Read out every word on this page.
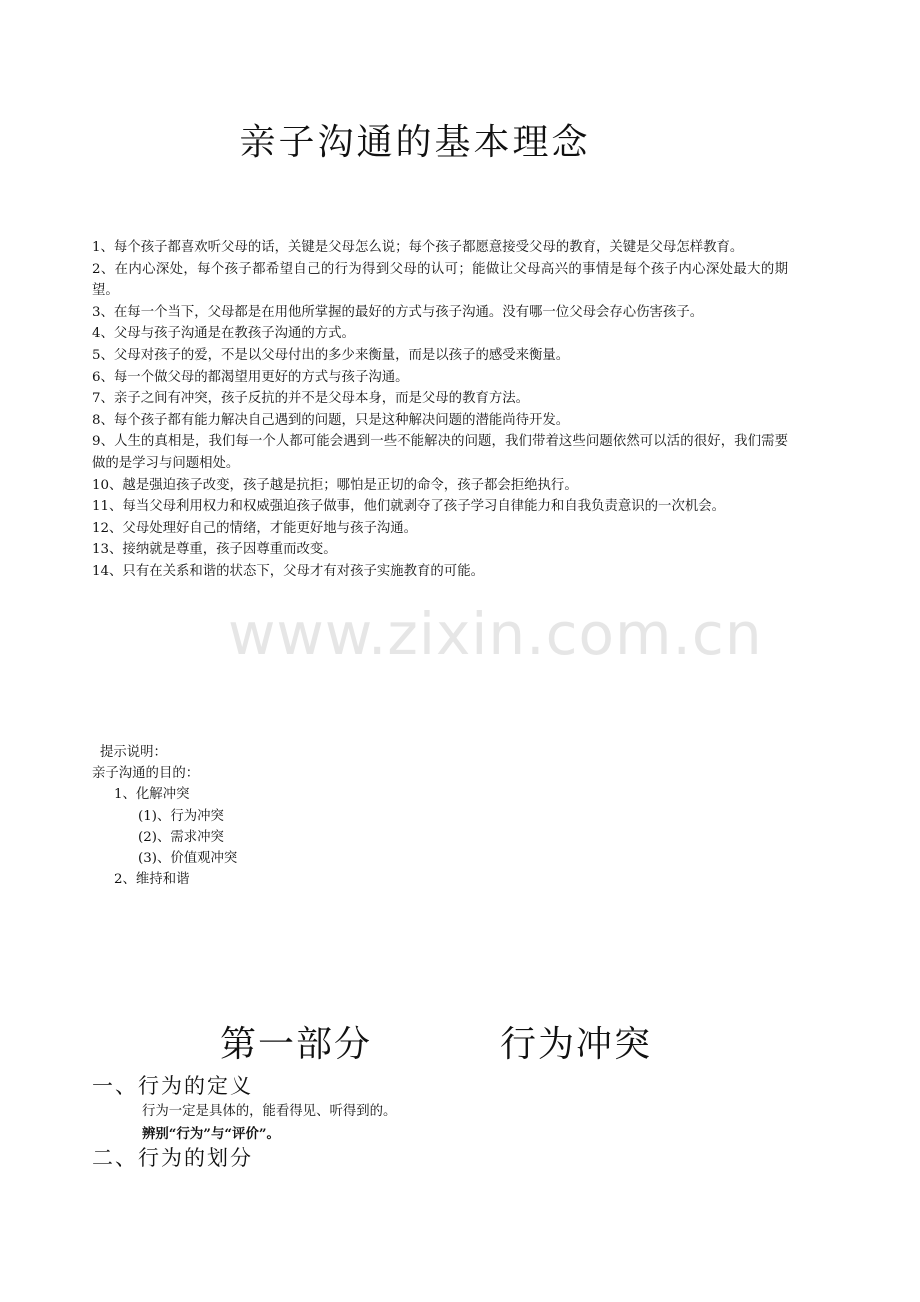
www.zixin.com.cn
亲子沟通的基本理念
1、每个孩子都喜欢听父母的话，关键是父母怎么说；每个孩子都愿意接受父母的教育，关键是父母怎样教育。
2、在内心深处，每个孩子都希望自己的行为得到父母的认可；能做让父母高兴的事情是每个孩子内心深处最大的期望。
3、在每一个当下，父母都是在用他所掌握的最好的方式与孩子沟通。没有哪一位父母会存心伤害孩子。
4、父母与孩子沟通是在教孩子沟通的方式。
5、父母对孩子的爱，不是以父母付出的多少来衡量，而是以孩子的感受来衡量。
6、每一个做父母的都渴望用更好的方式与孩子沟通。
7、亲子之间有冲突，孩子反抗的并不是父母本身，而是父母的教育方法。
8、每个孩子都有能力解决自己遇到的问题，只是这种解决问题的潜能尚待开发。
9、人生的真相是，我们每一个人都可能会遇到一些不能解决的问题，我们带着这些问题依然可以活的很好，我们需要做的是学习与问题相处。
10、越是强迫孩子改变，孩子越是抗拒；哪怕是正切的命令，孩子都会拒绝执行。
11、每当父母利用权力和权威强迫孩子做事，他们就剥夺了孩子学习自律能力和自我负责意识的一次机会。
12、父母处理好自己的情绪，才能更好地与孩子沟通。
13、接纳就是尊重，孩子因尊重而改变。
14、只有在关系和谐的状态下，父母才有对孩子实施教育的可能。
提示说明：
亲子沟通的目的：
1、化解冲突
(1)、行为冲突
(2)、需求冲突
(3)、价值观冲突
2、维持和谐
第一部分	行为冲突
一、行为的定义
行为一定是具体的，能看得见、听得到的。
辨别“行为”与“评价”。
二、行为的划分
